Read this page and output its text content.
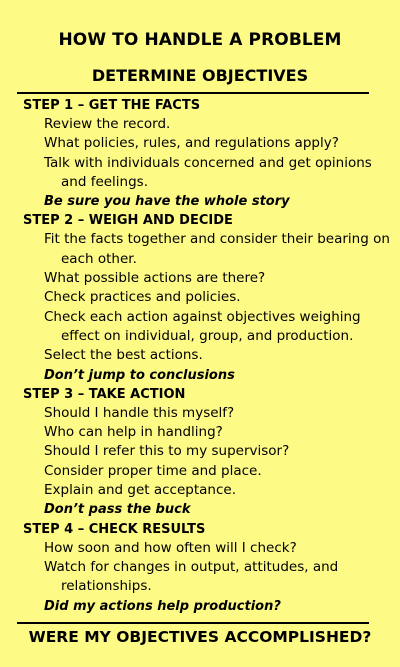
HOW TO HANDLE A PROBLEM
DETERMINE OBJECTIVES
STEP 1 – GET THE FACTS
Review the record.
What policies, rules, and regulations apply?
Talk with individuals concerned and get opinions
and feelings.
Be sure you have the whole story
STEP 2 – WEIGH AND DECIDE
Fit the facts together and consider their bearing on
each other.
What possible actions are there?
Check practices and policies.
Check each action against objectives weighing
effect on individual, group, and production.
Select the best actions.
Don’t jump to conclusions
STEP 3 – TAKE ACTION
Should I handle this myself?
Who can help in handling?
Should I refer this to my supervisor?
Consider proper time and place.
Explain and get acceptance.
Don’t pass the buck
STEP 4 – CHECK RESULTS
How soon and how often will I check?
Watch for changes in output, attitudes, and
relationships.
Did my actions help production?
WERE MY OBJECTIVES ACCOMPLISHED?
